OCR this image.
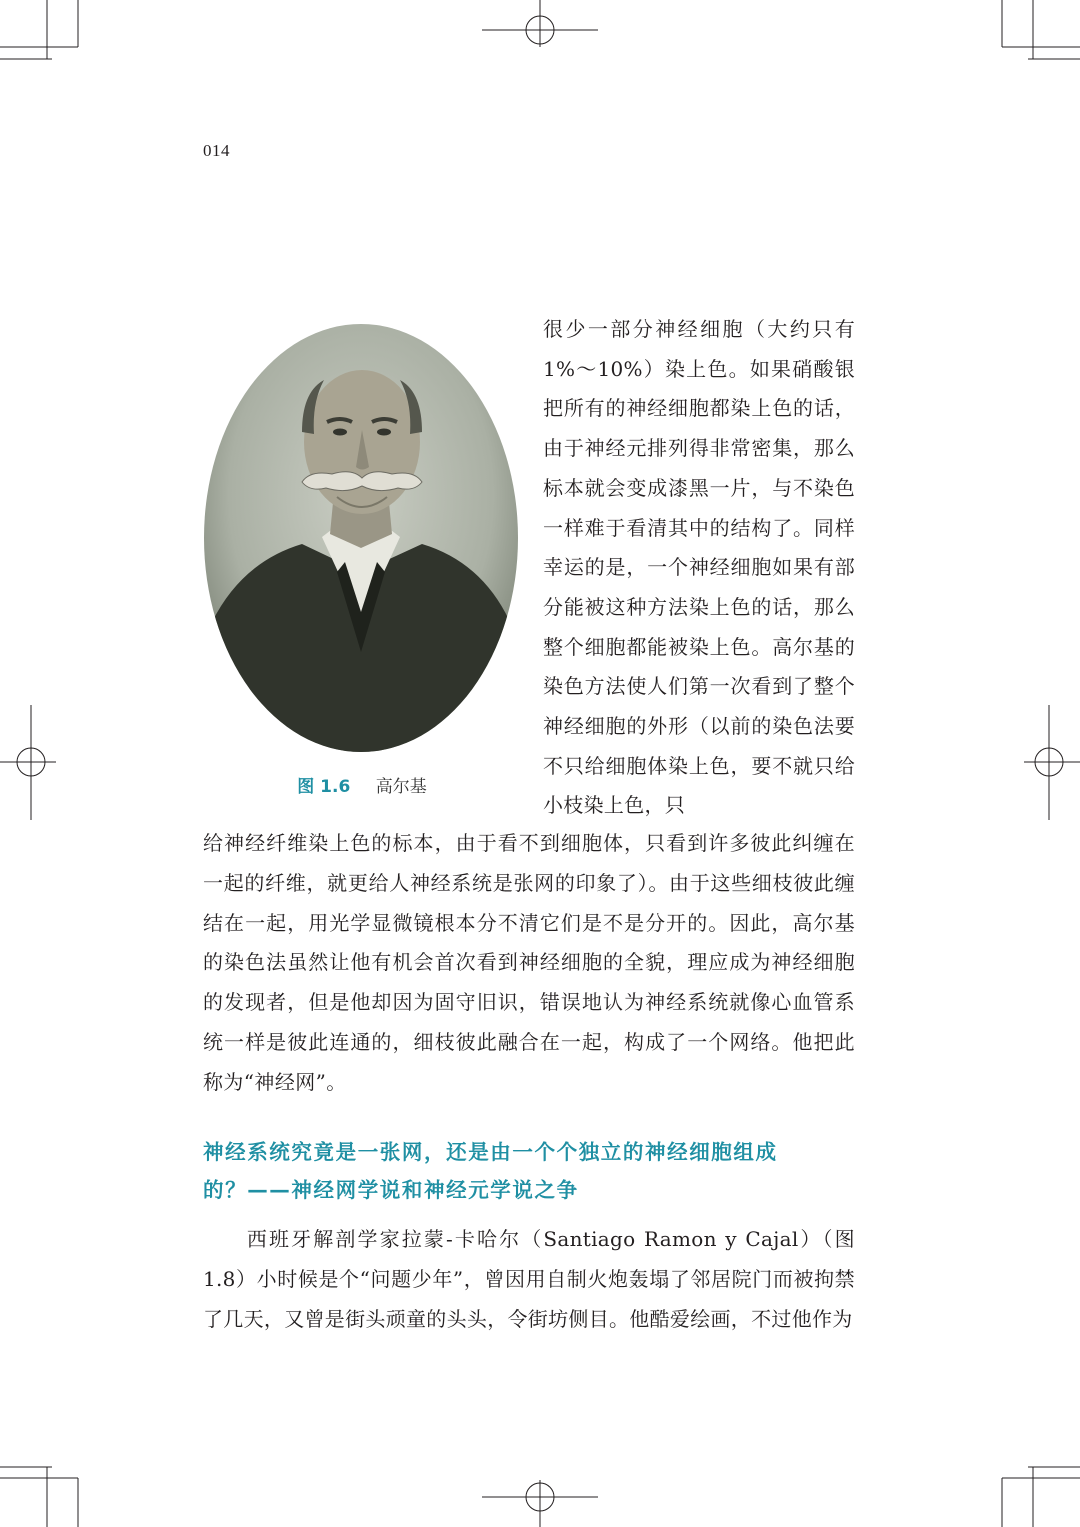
014
图 1.6 高尔基
很少一部分神经细胞（大约只有1%～10%）染上色。如果硝酸银把所有的神经细胞都染上色的话，由于神经元排列得非常密集，那么标本就会变成漆黑一片，与不染色一样难于看清其中的结构了。同样幸运的是，一个神经细胞如果有部分能被这种方法染上色的话，那么整个细胞都能被染上色。高尔基的染色方法使人们第一次看到了整个神经细胞的外形（以前的染色法要不只给细胞体染上色，要不就只给小枝染上色，只
给神经纤维染上色的标本，由于看不到细胞体，只看到许多彼此纠缠在一起的纤维，就更给人神经系统是张网的印象了）。由于这些细枝彼此缠结在一起，用光学显微镜根本分不清它们是不是分开的。因此，高尔基的染色法虽然让他有机会首次看到神经细胞的全貌，理应成为神经细胞的发现者，但是他却因为固守旧识，错误地认为神经系统就像心血管系统一样是彼此连通的，细枝彼此融合在一起，构成了一个网络。他把此称为“神经网”。
神经系统究竟是一张网，还是由一个个独立的神经细胞组成
的？——神经网学说和神经元学说之争
西班牙解剖学家拉蒙-卡哈尔（Santiago Ramon y Cajal）（图 1.8）小时候是个“问题少年”，曾因用自制火炮轰塌了邻居院门而被拘禁了几天，又曾是街头顽童的头头，令街坊侧目。他酷爱绘画，不过他作为
